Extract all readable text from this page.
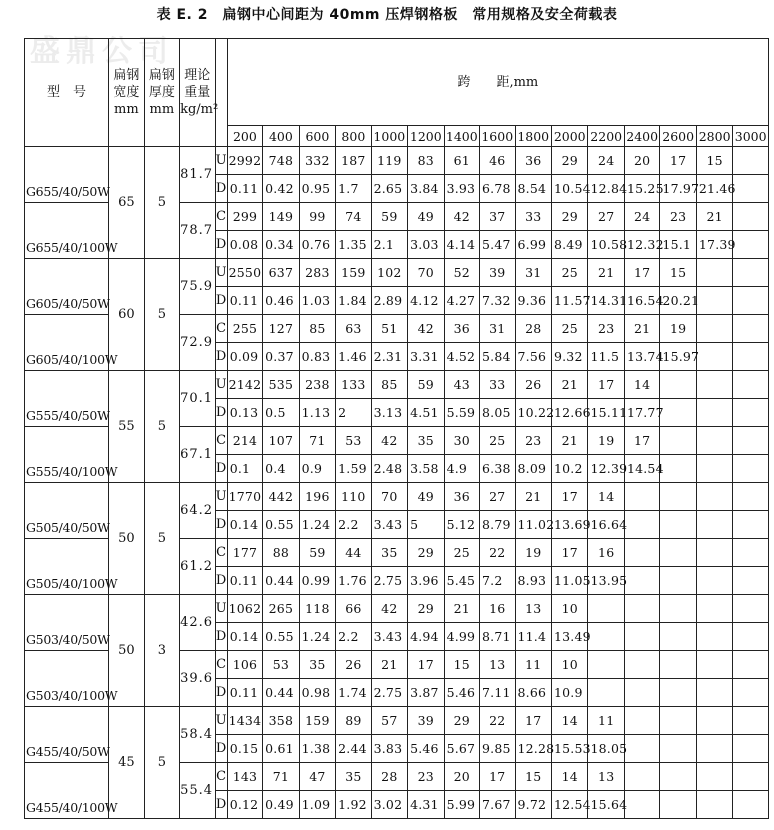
盛鼎公司
表 E. 2　扁钢中心间距为 40mm 压焊钢格板　常用规格及安全荷载表
型　号	扁钢宽度mm	扁钢厚度mm	理论重量kg/m²		跨　　距,mm														
					200	400	600	800	1000	1200	1400	1600	1800	2000	2200	2400	2600	2800	3000
G655/40/50W	65	5	81.7	U	2992	748	332	187	119	83	61	46	36	29	24	20	17	15	
				D	0.11	0.42	0.95	1.7	2.65	3.84	3.93	6.78	8.54	10.54	12.84	15.25	17.97	21.46	
G655/40/100W			78.7	C	299	149	99	74	59	49	42	37	33	29	27	24	23	21	
				D	0.08	0.34	0.76	1.35	2.1	3.03	4.14	5.47	6.99	8.49	10.58	12.32	15.1	17.39	
G605/40/50W	60	5	75.9	U	2550	637	283	159	102	70	52	39	31	25	21	17	15		
				D	0.11	0.46	1.03	1.84	2.89	4.12	4.27	7.32	9.36	11.57	14.31	16.54	20.21		
G605/40/100W			72.9	C	255	127	85	63	51	42	36	31	28	25	23	21	19		
				D	0.09	0.37	0.83	1.46	2.31	3.31	4.52	5.84	7.56	9.32	11.5	13.74	15.97		
G555/40/50W	55	5	70.1	U	2142	535	238	133	85	59	43	33	26	21	17	14			
				D	0.13	0.5	1.13	2	3.13	4.51	5.59	8.05	10.22	12.66	15.11	17.77			
G555/40/100W			67.1	C	214	107	71	53	42	35	30	25	23	21	19	17			
				D	0.1	0.4	0.9	1.59	2.48	3.58	4.9	6.38	8.09	10.2	12.39	14.54			
G505/40/50W	50	5	64.2	U	1770	442	196	110	70	49	36	27	21	17	14				
				D	0.14	0.55	1.24	2.2	3.43	5	5.12	8.79	11.02	13.69	16.64				
G505/40/100W			61.2	C	177	88	59	44	35	29	25	22	19	17	16				
				D	0.11	0.44	0.99	1.76	2.75	3.96	5.45	7.2	8.93	11.05	13.95				
G503/40/50W	50	3	42.6	U	1062	265	118	66	42	29	21	16	13	10					
				D	0.14	0.55	1.24	2.2	3.43	4.94	4.99	8.71	11.4	13.49					
G503/40/100W			39.6	C	106	53	35	26	21	17	15	13	11	10					
				D	0.11	0.44	0.98	1.74	2.75	3.87	5.46	7.11	8.66	10.9					
G455/40/50W	45	5	58.4	U	1434	358	159	89	57	39	29	22	17	14	11				
				D	0.15	0.61	1.38	2.44	3.83	5.46	5.67	9.85	12.28	15.53	18.05				
G455/40/100W			55.4	C	143	71	47	35	28	23	20	17	15	14	13				
				D	0.12	0.49	1.09	1.92	3.02	4.31	5.99	7.67	9.72	12.54	15.64				
